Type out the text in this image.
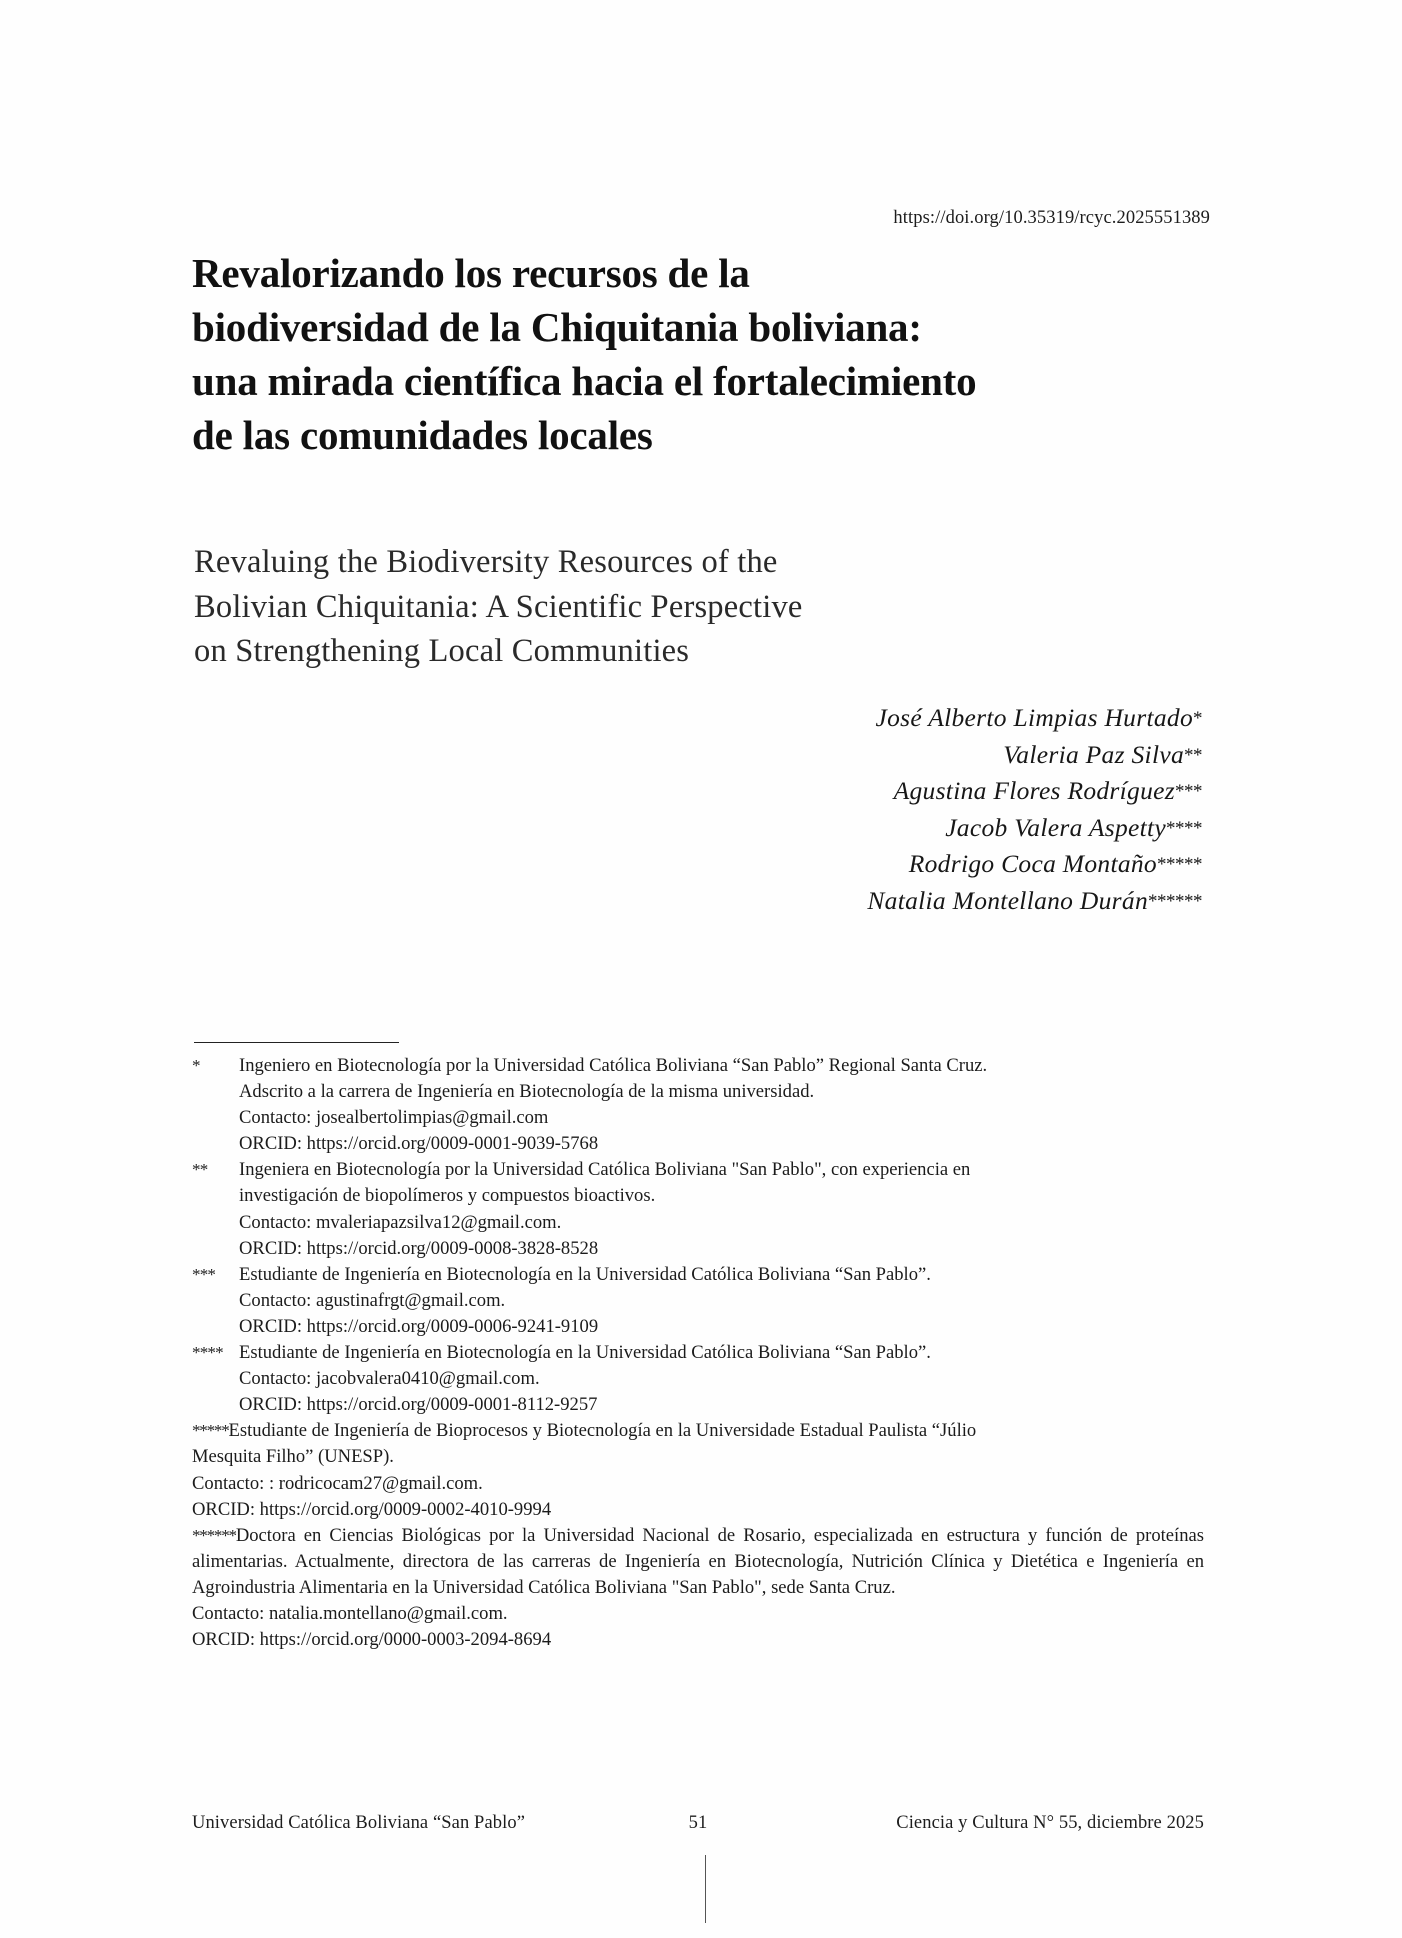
https://doi.org/10.35319/rcyc.2025551389
Revalorizando los recursos de la
biodiversidad de la Chiquitania boliviana:
una mirada científica hacia el fortalecimiento
de las comunidades locales
Revaluing the Biodiversity Resources of the
Bolivian Chiquitania: A Scientific Perspective
on Strengthening Local Communities
José Alberto Limpias Hurtado*
Valeria Paz Silva**
Agustina Flores Rodríguez***
Jacob Valera Aspetty****
Rodrigo Coca Montaño*****
Natalia Montellano Durán******
*	Ingeniero en Biotecnología por la Universidad Católica Boliviana “San Pablo” Regional Santa Cruz.
Adscrito a la carrera de Ingeniería en Biotecnología de la misma universidad.
Contacto: josealbertolimpias@gmail.com
ORCID: https://orcid.org/0009-0001-9039-5768
**	Ingeniera en Biotecnología por la Universidad Católica Boliviana "San Pablo", con experiencia en
investigación de biopolímeros y compuestos bioactivos.
Contacto: mvaleriapazsilva12@gmail.com.
ORCID: https://orcid.org/0009-0008-3828-8528
***	Estudiante de Ingeniería en Biotecnología en la Universidad Católica Boliviana “San Pablo”.
Contacto: agustinafrgt@gmail.com.
ORCID: https://orcid.org/0009-0006-9241-9109
**** Estudiante de Ingeniería en Biotecnología en la Universidad Católica Boliviana “San Pablo”.
Contacto: jacobvalera0410@gmail.com.
ORCID: https://orcid.org/0009-0001-8112-9257
*****Estudiante de Ingeniería de Bioprocesos y Biotecnología en la Universidade Estadual Paulista “Júlio
Mesquita Filho” (UNESP).
Contacto: : rodricocam27@gmail.com.
ORCID: https://orcid.org/0009-0002-4010-9994
******Doctora en Ciencias Biológicas por la Universidad Nacional de Rosario, especializada en estructura y función de proteínas alimentarias. Actualmente, directora de las carreras de Ingeniería en Biotecnología, Nutrición Clínica y Dietética e Ingeniería en Agroindustria Alimentaria en la Universidad Católica Boliviana "San Pablo", sede Santa Cruz.
Contacto: natalia.montellano@gmail.com.
ORCID: https://orcid.org/0000-0003-2094-8694
Universidad Católica Boliviana “San Pablo”	51	Ciencia y Cultura N° 55, diciembre 2025
